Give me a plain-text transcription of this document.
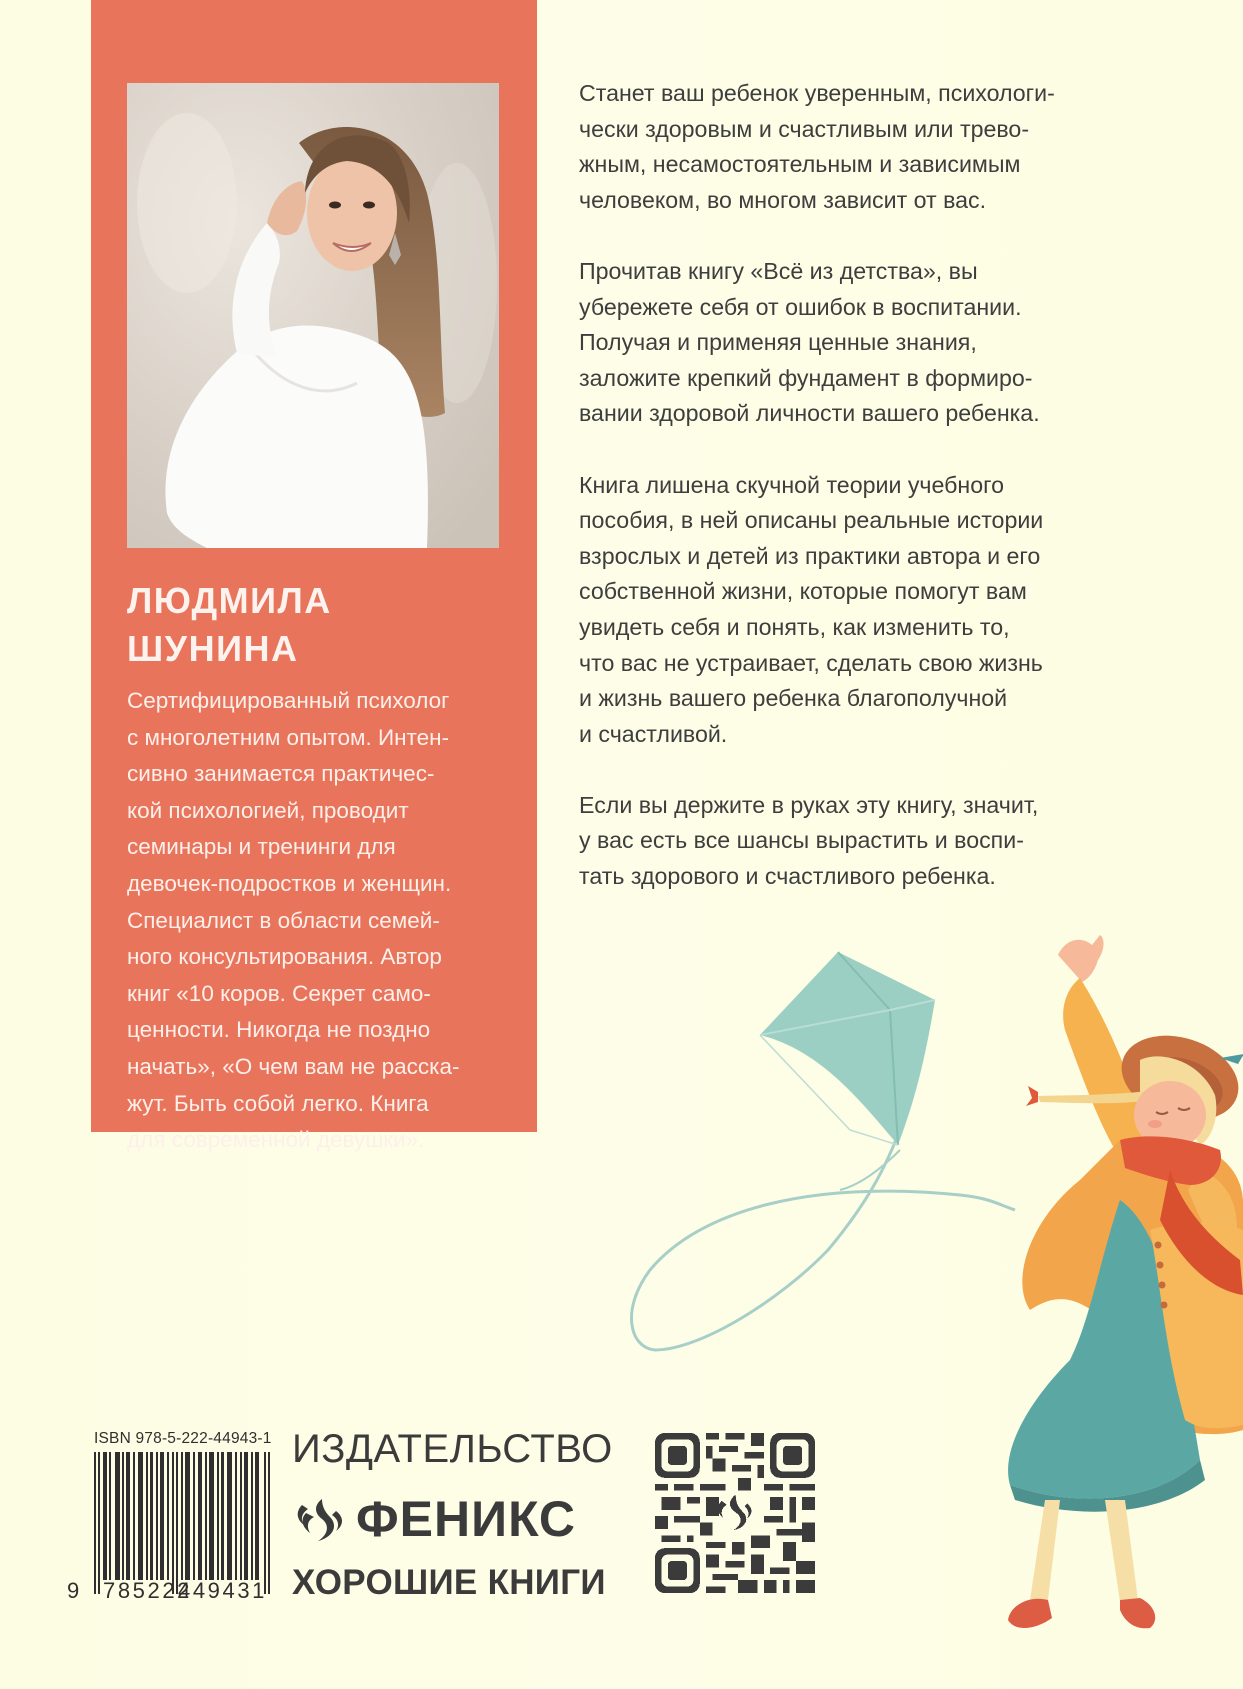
ЛЮДМИЛА
ШУНИНА
Сертифицированный психолог
с многолетним опытом. Интен-
сивно занимается практичес-
кой психологией, проводит
семинары и тренинги для
девочек-подростков и женщин.
Специалист в области семей-
ного консультирования. Автор
книг «10 коров. Секрет само-
ценности. Никогда не поздно
начать», «О чем вам не расска-
жут. Быть собой легко. Книга
для современной девушки».
Станет ваш ребенок уверенным, психологи-
чески здоровым и счастливым или трево-
жным, несамостоятельным и зависимым
человеком, во многом зависит от вас.
Прочитав книгу «Всё из детства», вы
убережете себя от ошибок в воспитании.
Получая и применяя ценные знания,
заложите крепкий фундамент в формиро-
вании здоровой личности вашего ребенка.
Книга лишена скучной теории учебного
пособия, в ней описаны реальные истории
взрослых и детей из практики автора и его
собственной жизни, которые помогут вам
увидеть себя и понять, как изменить то,
что вас не устраивает, сделать свою жизнь
и жизнь вашего ребенка благополучной
и счастливой.
Если вы держите в руках эту книгу, значит,
у вас есть все шансы вырастить и воспи-
тать здорового и счастливого ребенка.
ISBN 978-5-222-44943-1
9 785222
449431
ИЗДАТЕЛЬСТВО
ФЕНИКС
ХОРОШИЕ КНИГИ
